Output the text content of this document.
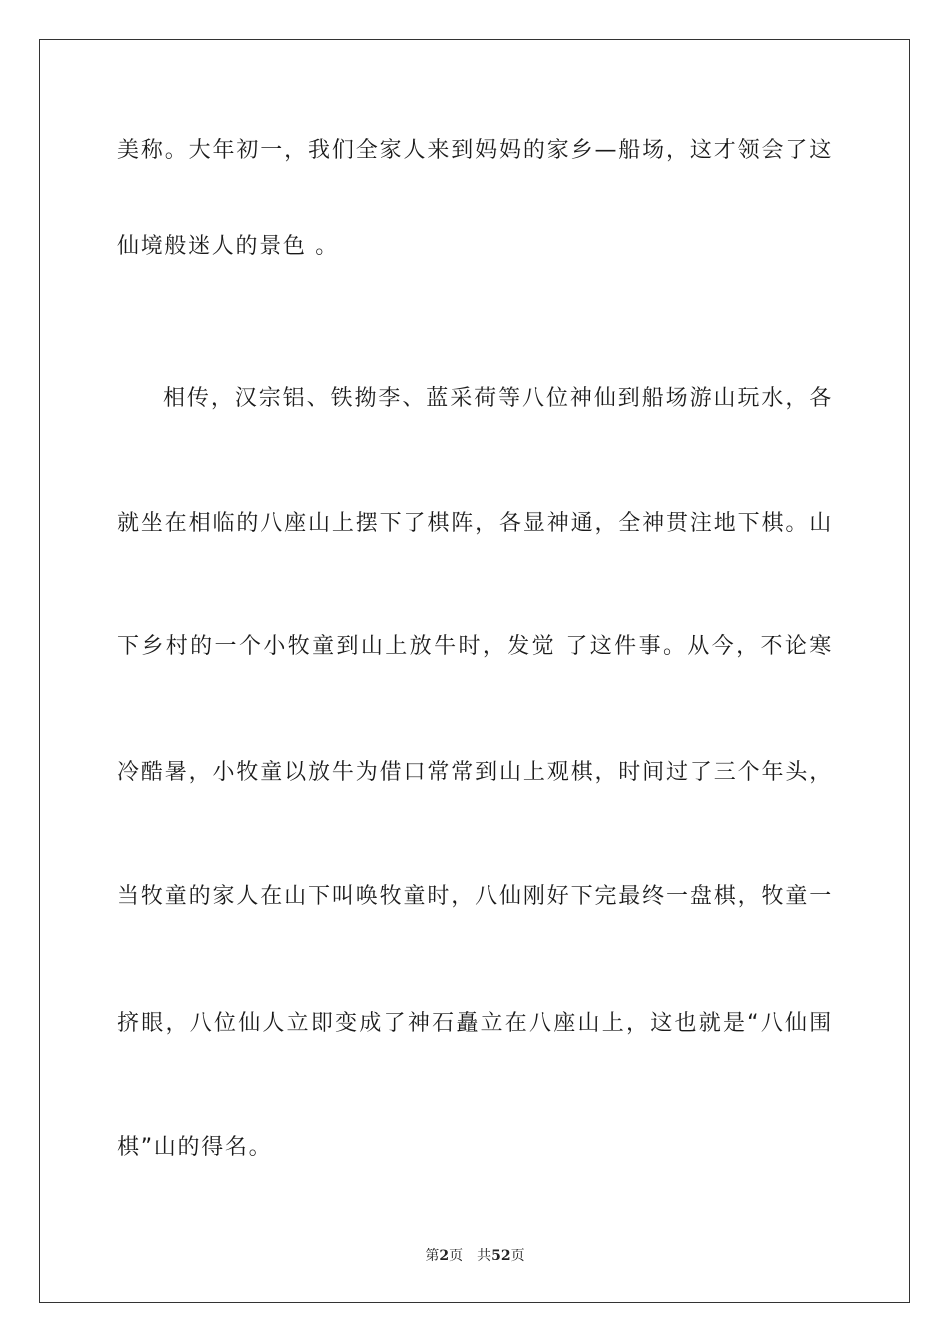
美称。大年初一，我们全家人来到妈妈的家乡—船场，这才领会了这
仙境般迷人的景色 。
相传，汉宗铝、铁拗李、蓝采荷等八位神仙到船场游山玩水，各
就坐在相临的八座山上摆下了棋阵，各显神通，全神贯注地下棋。山
下乡村的一个小牧童到山上放牛时，发觉 了这件事。从今，不论寒
冷酷暑，小牧童以放牛为借口常常到山上观棋，时间过了三个年头，
当牧童的家人在山下叫唤牧童时，八仙刚好下完最终一盘棋，牧童一
挤眼，八位仙人立即变成了神石矗立在八座山上，这也就是“八仙围
棋”山的得名。
第2页 共52页
